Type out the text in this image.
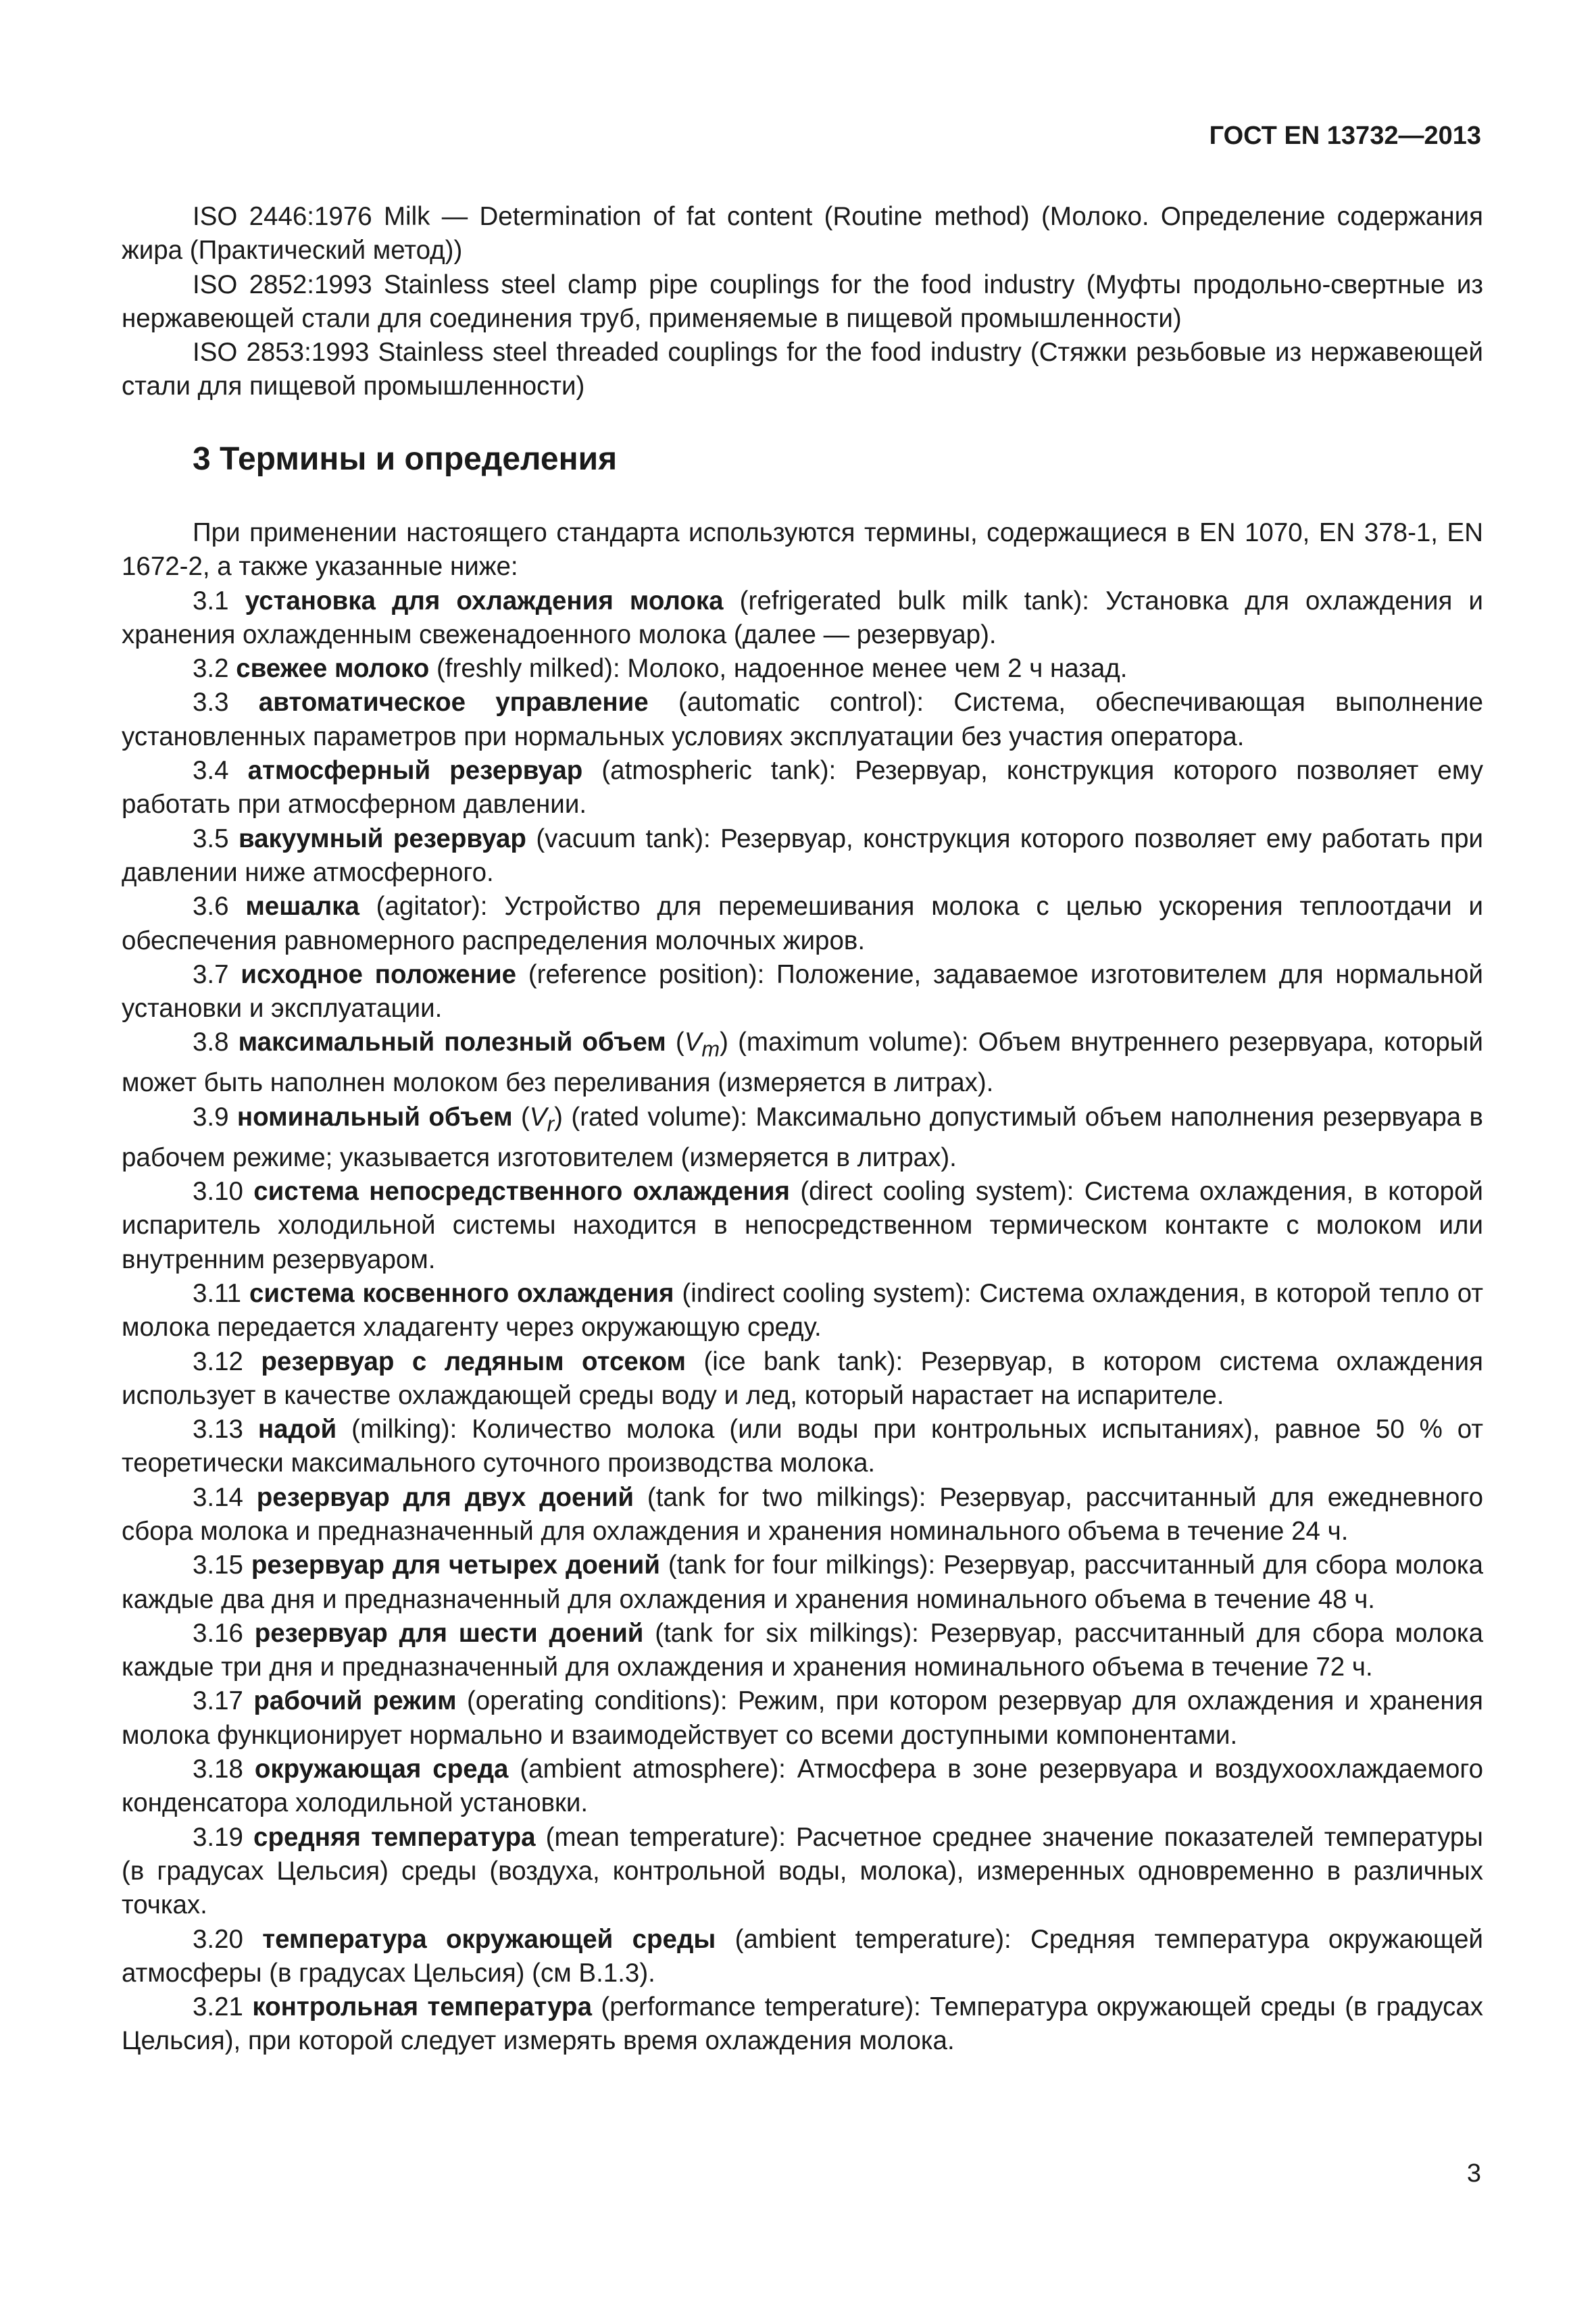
ГОСТ EN 13732—2013

ISO 2446:1976 Milk — Determination of fat content (Routine method) (Молоко. Определение содержания жира (Практический метод))

ISO 2852:1993 Stainless steel clamp pipe couplings for the food industry (Муфты продольно-свертные из нержавеющей стали для соединения труб, применяемые в пищевой промышленности)

ISO 2853:1993 Stainless steel threaded couplings for the food industry (Стяжки резьбовые из нержавеющей стали для пищевой промышленности)

3 Термины и определения

При применении настоящего стандарта используются термины, содержащиеся в EN 1070, EN 378-1, EN 1672-2, а также указанные ниже:

3.1 установка для охлаждения молока (refrigerated bulk milk tank): Установка для охлаждения и хранения охлажденным свеженадоенного молока (далее — резервуар).

3.2 свежее молоко (freshly milked): Молоко, надоенное менее чем 2 ч назад.

3.3 автоматическое управление (automatic control): Система, обеспечивающая выполнение установленных параметров при нормальных условиях эксплуатации без участия оператора.

3.4 атмосферный резервуар (atmospheric tank): Резервуар, конструкция которого позволяет ему работать при атмосферном давлении.

3.5 вакуумный резервуар (vacuum tank): Резервуар, конструкция которого позволяет ему работать при давлении ниже атмосферного.

3.6 мешалка (agitator): Устройство для перемешивания молока с целью ускорения теплоотдачи и обеспечения равномерного распределения молочных жиров.

3.7 исходное положение (reference position): Положение, задаваемое изготовителем для нормальной установки и эксплуатации.

3.8 максимальный полезный объем $(V_m)$ (maximum volume): Объем внутреннего резервуара, который может быть наполнен молоком без переливания (измеряется в литрах).

3.9 номинальный объем $(V_r)$ (rated volume): Максимально допустимый объем наполнения резервуара в рабочем режиме; указывается изготовителем (измеряется в литрах).

3.10 система непосредственного охлаждения (direct cooling system): Система охлаждения, в которой испаритель холодильной системы находится в непосредственном термическом контакте с молоком или внутренним резервуаром.

3.11 система косвенного охлаждения (indirect cooling system): Система охлаждения, в которой тепло от молока передается хладагенту через окружающую среду.

3.12 резервуар с ледяным отсеком (ice bank tank): Резервуар, в котором система охлаждения использует в качестве охлаждающей среды воду и лед, который нарастает на испарителе.

3.13 надой (milking): Количество молока (или воды при контрольных испытаниях), равное 50 % от теоретически максимального суточного производства молока.

3.14 резервуар для двух доений (tank for two milkings): Резервуар, рассчитанный для ежедневного сбора молока и предназначенный для охлаждения и хранения номинального объема в течение 24 ч.

3.15 резервуар для четырех доений (tank for four milkings): Резервуар, рассчитанный для сбора молока каждые два дня и предназначенный для охлаждения и хранения номинального объема в течение 48 ч.

3.16 резервуар для шести доений (tank for six milkings): Резервуар, рассчитанный для сбора молока каждые три дня и предназначенный для охлаждения и хранения номинального объема в течение 72 ч.

3.17 рабочий режим (operating conditions): Режим, при котором резервуар для охлаждения и хранения молока функционирует нормально и взаимодействует со всеми доступными компонентами.

3.18 окружающая среда (ambient atmosphere): Атмосфера в зоне резервуара и воздухоохлаждаемого конденсатора холодильной установки.

3.19 средняя температура (mean temperature): Расчетное среднее значение показателей температуры (в градусах Цельсия) среды (воздуха, контрольной воды, молока), измеренных одновременно в различных точках.

3.20 температура окружающей среды (ambient temperature): Средняя температура окружающей атмосферы (в градусах Цельсия) (см B.1.3).

3.21 контрольная температура (performance temperature): Температура окружающей среды (в градусах Цельсия), при которой следует измерять время охлаждения молока.

3
